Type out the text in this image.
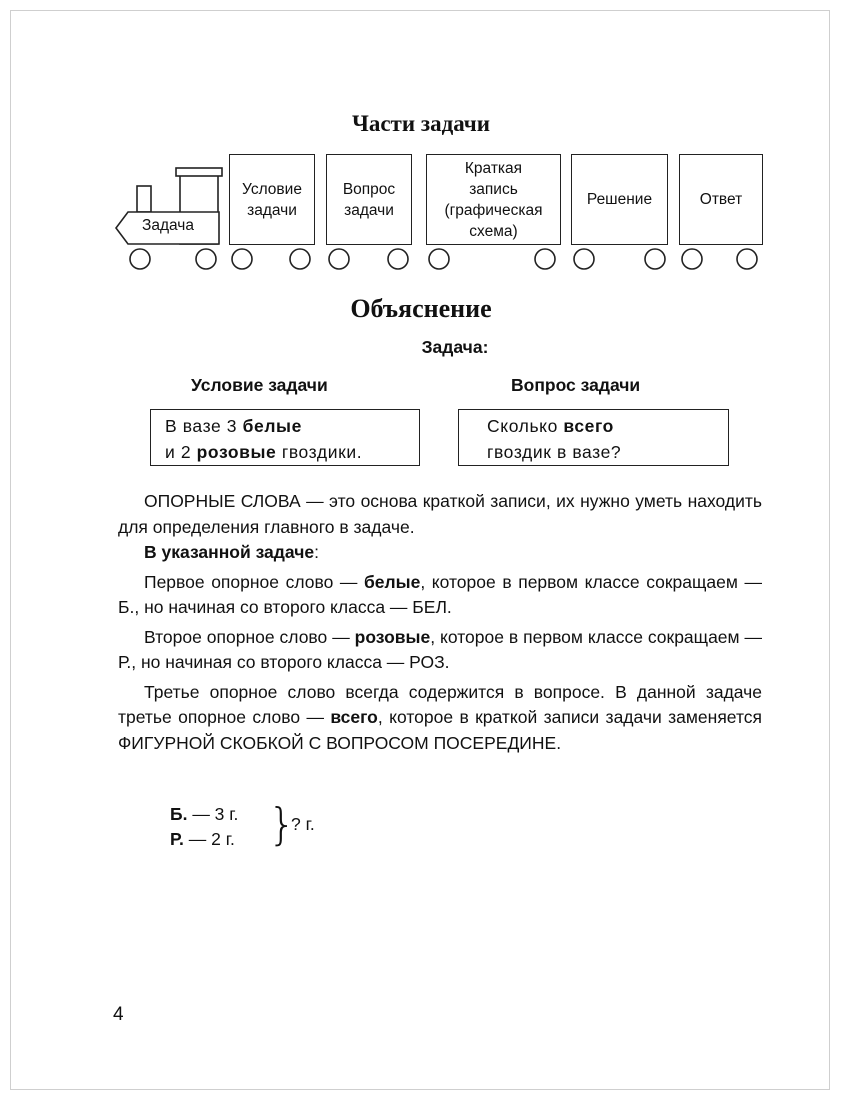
Части задачи
Задача
Условие
задачи
Вопрос
задачи
Краткая
запись
(графическая
схема)
Решение	Ответ
Объяснение
Задача:
Условие задачи	Вопрос задачи
В вазе 3 белые
и 2 розовые гвоздики.
Сколько всего
гвоздик в вазе?

ОПОРНЫЕ СЛОВА — это основа краткой записи, их нужно уметь находить для определения главного в задаче.

В указанной задаче:

Первое опорное слово — белые, которое в первом классе сокращаем — Б., но начиная со второго класса — БЕЛ.

Второе опорное слово — розовые, которое в первом классе сокращаем — Р., но начиная со второго класса — РОЗ.

Третье опорное слово всегда содержится в вопросе. В данной задаче третье опорное слово — всего, которое в краткой записи задачи заменяется ФИГУРНОЙ СКОБКОЙ С ВОПРОСОМ ПОСЕРЕДИНЕ.

Б. — 3 г.
Р. — 2 г. }
? г.
4
